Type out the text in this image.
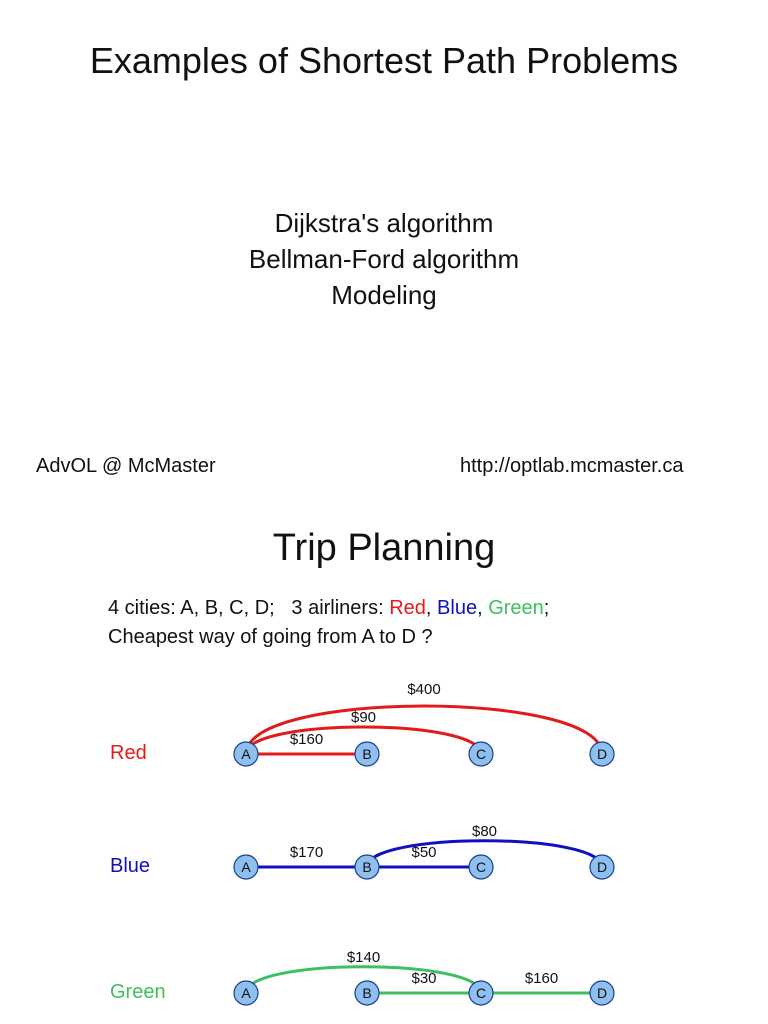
Examples of Shortest Path Problems
Dijkstra's algorithm
Bellman-Ford algorithm
Modeling
AdvOL @ McMaster	http://optlab.mcmaster.ca
Trip Planning
4 cities: A, B, C, D;   3 airliners: Red, Blue, Green;
Cheapest way of going from A to D ?
Red
Blue
Green
$160
$90
$400
A	B	C	D
$170	$50
$80
A	B	C	D
$140
$30	$160
A	B	C	D
